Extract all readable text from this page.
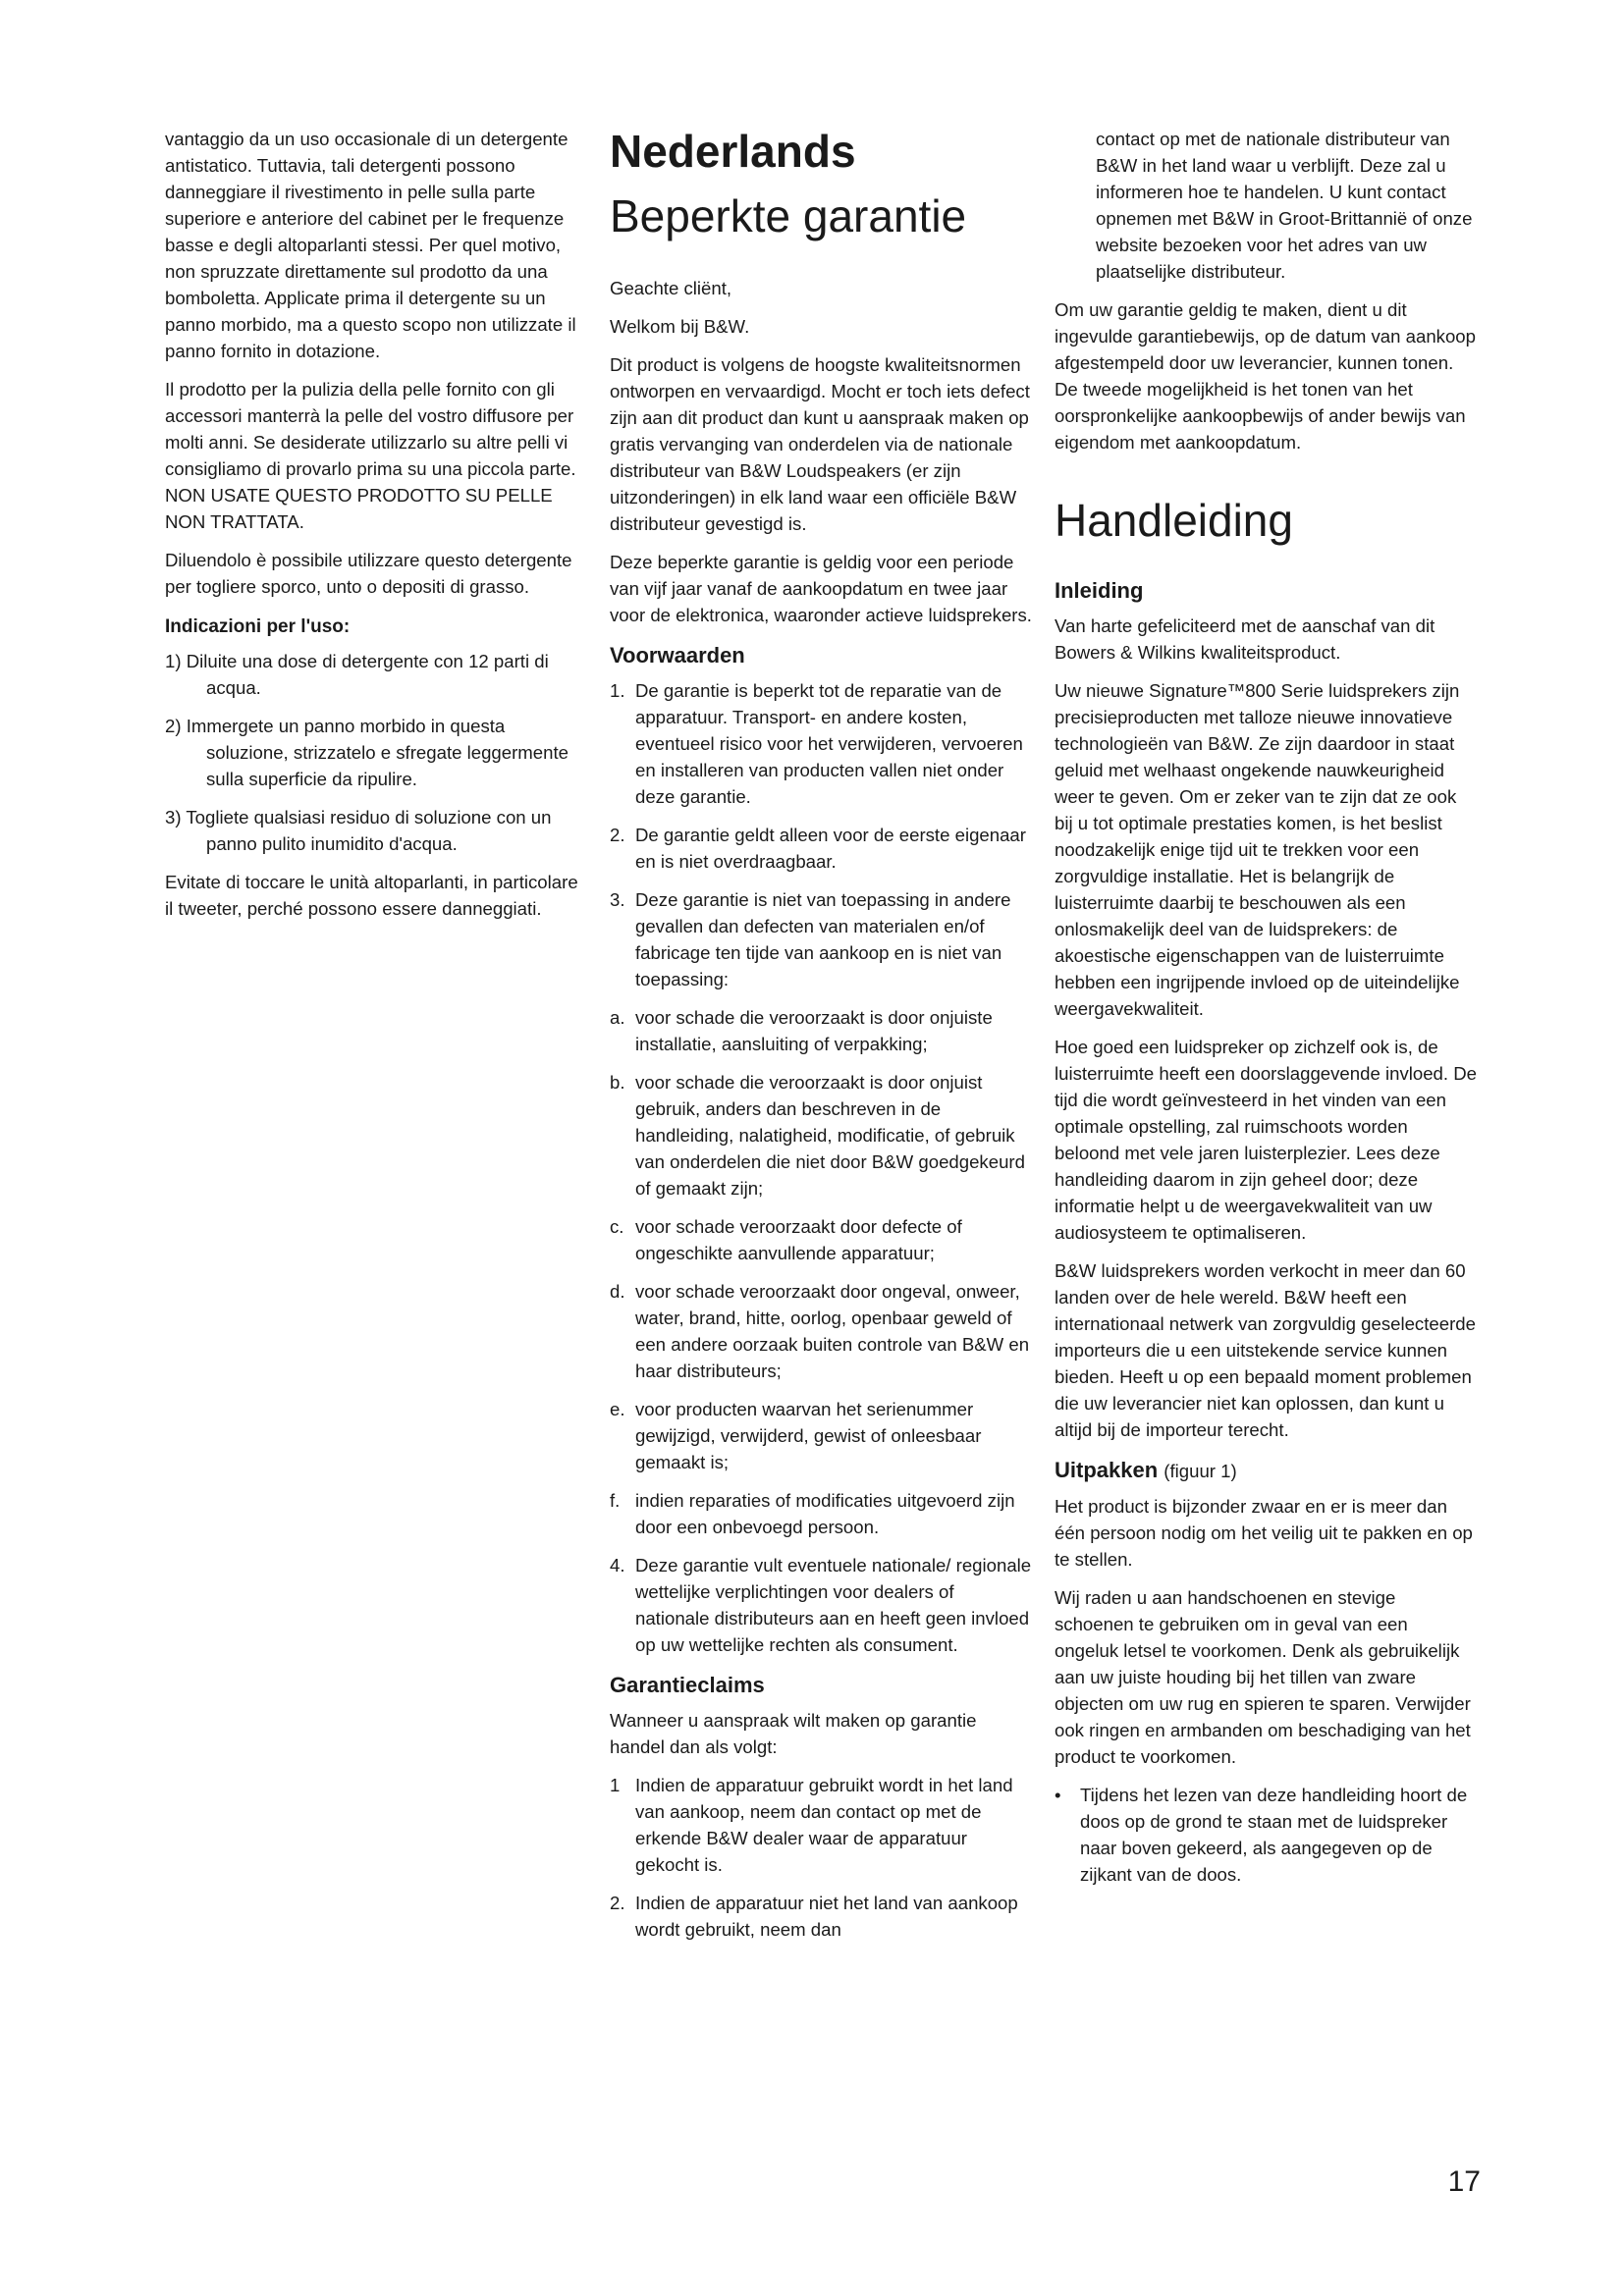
vantaggio da un uso occasionale di un detergente antistatico. Tuttavia, tali detergenti possono danneggiare il rivestimento in pelle sulla parte superiore e anteriore del cabinet per le frequenze basse e degli altoparlanti stessi. Per quel motivo, non spruzzate direttamente sul prodotto da una bomboletta. Applicate prima il detergente su un panno morbido, ma a questo scopo non utilizzate il panno fornito in dotazione.

Il prodotto per la pulizia della pelle fornito con gli accessori manterrà la pelle del vostro diffusore per molti anni. Se desiderate utilizzarlo su altre pelli vi consigliamo di provarlo prima su una piccola parte. NON USATE QUESTO PRODOTTO SU PELLE NON TRATTATA.

Diluendolo è possibile utilizzare questo detergente per togliere sporco, unto o depositi di grasso.

Indicazioni per l'uso:

1) Diluite una dose di detergente con 12 parti di acqua.

2) Immergete un panno morbido in questa soluzione, strizzatelo e sfregate leggermente sulla superficie da ripulire.

3) Togliete qualsiasi residuo di soluzione con un panno pulito inumidito d'acqua.

Evitate di toccare le unità altoparlanti, in particolare il tweeter, perché possono essere danneggiati.

Nederlands
Beperkte garantie

Geachte cliënt,

Welkom bij B&W.

Dit product is volgens de hoogste kwaliteitsnormen ontworpen en vervaardigd. Mocht er toch iets defect zijn aan dit product dan kunt u aanspraak maken op gratis vervanging van onderdelen via de nationale distributeur van B&W Loudspeakers (er zijn uitzonderingen) in elk land waar een officiële B&W distributeur gevestigd is.

Deze beperkte garantie is geldig voor een periode van vijf jaar vanaf de aankoopdatum en twee jaar voor de elektronica, waaronder actieve luidsprekers.

Voorwaarden
1. De garantie is beperkt tot de reparatie van de apparatuur. Transport- en andere kosten, eventueel risico voor het verwijderen, vervoeren en installeren van producten vallen niet onder deze garantie.
2. De garantie geldt alleen voor de eerste eigenaar en is niet overdraagbaar.
3. Deze garantie is niet van toepassing in andere gevallen dan defecten van materialen en/of fabricage ten tijde van aankoop en is niet van toepassing:
a. voor schade die veroorzaakt is door onjuiste installatie, aansluiting of verpakking;
b. voor schade die veroorzaakt is door onjuist gebruik, anders dan beschreven in de handleiding, nalatigheid, modificatie, of gebruik van onderdelen die niet door B&W goedgekeurd of gemaakt zijn;
c. voor schade veroorzaakt door defecte of ongeschikte aanvullende apparatuur;
d. voor schade veroorzaakt door ongeval, onweer, water, brand, hitte, oorlog, openbaar geweld of een andere oorzaak buiten controle van B&W en haar distributeurs;
e. voor producten waarvan het serienummer gewijzigd, verwijderd, gewist of onleesbaar gemaakt is;
f. indien reparaties of modificaties uitgevoerd zijn door een onbevoegd persoon.
4. Deze garantie vult eventuele nationale/ regionale wettelijke verplichtingen voor dealers of nationale distributeurs aan en heeft geen invloed op uw wettelijke rechten als consument.
Garantieclaims

Wanneer u aanspraak wilt maken op garantie handel dan als volgt:

1 Indien de apparatuur gebruikt wordt in het land van aankoop, neem dan contact op met de erkende B&W dealer waar de apparatuur gekocht is.
2. Indien de apparatuur niet het land van aankoop wordt gebruikt, neem dan

contact op met de nationale distributeur van B&W in het land waar u verblijft. Deze zal u informeren hoe te handelen. U kunt contact opnemen met B&W in Groot-Brittannië of onze website bezoeken voor het adres van uw plaatselijke distributeur.

Om uw garantie geldig te maken, dient u dit ingevulde garantiebewijs, op de datum van aankoop afgestempeld door uw leverancier, kunnen tonen. De tweede mogelijkheid is het tonen van het oorspronkelijke aankoopbewijs of ander bewijs van eigendom met aankoopdatum.

Handleiding
Inleiding

Van harte gefeliciteerd met de aanschaf van dit Bowers & Wilkins kwaliteitsproduct.

Uw nieuwe Signature™800 Serie luidsprekers zijn precisieproducten met talloze nieuwe innovatieve technologieën van B&W. Ze zijn daardoor in staat geluid met welhaast ongekende nauwkeurigheid weer te geven. Om er zeker van te zijn dat ze ook bij u tot optimale prestaties komen, is het beslist noodzakelijk enige tijd uit te trekken voor een zorgvuldige installatie. Het is belangrijk de luisterruimte daarbij te beschouwen als een onlosmakelijk deel van de luidsprekers: de akoestische eigenschappen van de luisterruimte hebben een ingrijpende invloed op de uiteindelijke weergavekwaliteit.

Hoe goed een luidspreker op zichzelf ook is, de luisterruimte heeft een doorslaggevende invloed. De tijd die wordt geïnvesteerd in het vinden van een optimale opstelling, zal ruimschoots worden beloond met vele jaren luisterplezier. Lees deze handleiding daarom in zijn geheel door; deze informatie helpt u de weergavekwaliteit van uw audiosysteem te optimaliseren.

B&W luidsprekers worden verkocht in meer dan 60 landen over de hele wereld. B&W heeft een internationaal netwerk van zorgvuldig geselecteerde importeurs die u een uitstekende service kunnen bieden. Heeft u op een bepaald moment problemen die uw leverancier niet kan oplossen, dan kunt u altijd bij de importeur terecht.

Uitpakken (figuur 1)

Het product is bijzonder zwaar en er is meer dan één persoon nodig om het veilig uit te pakken en op te stellen.

Wij raden u aan handschoenen en stevige schoenen te gebruiken om in geval van een ongeluk letsel te voorkomen. Denk als gebruikelijk aan uw juiste houding bij het tillen van zware objecten om uw rug en spieren te sparen. Verwijder ook ringen en armbanden om beschadiging van het product te voorkomen.

•	Tijdens het lezen van deze handleiding hoort de doos op de grond te staan met de luidspreker naar boven gekeerd, als aangegeven op de zijkant van de doos.
17
